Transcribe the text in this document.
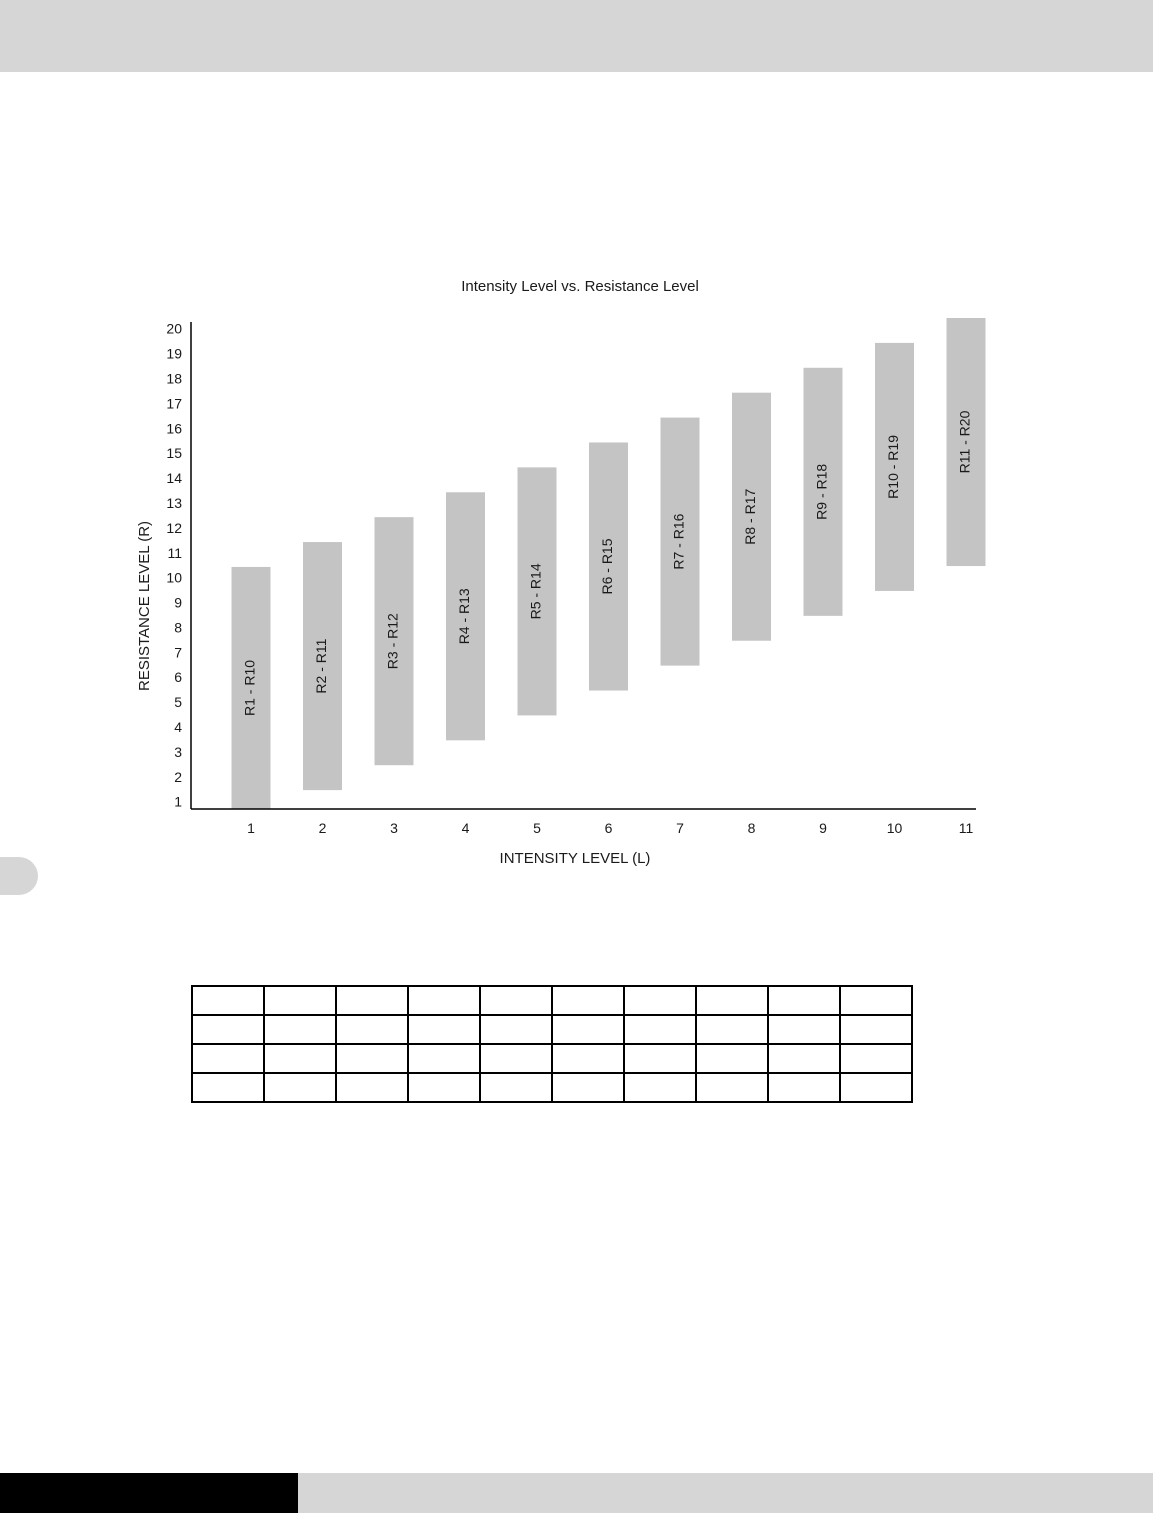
R1 - R10	R2 - R11	R3 - R12	R4 - R13	R5 - R14	R6 - R15	R7 - R16	R8 - R17	R9 - R18	R10 - R19	R11 - R20
1
2
3
4
5
6
7
8
9
10
11
12
13
14
15
16
17
18
19
20
1	2	3	4	5	6	7	8	9	10	11
Intensity Level vs. Resistance Level
INTENSITY LEVEL (L)
RESISTANCE LEVEL (R)
